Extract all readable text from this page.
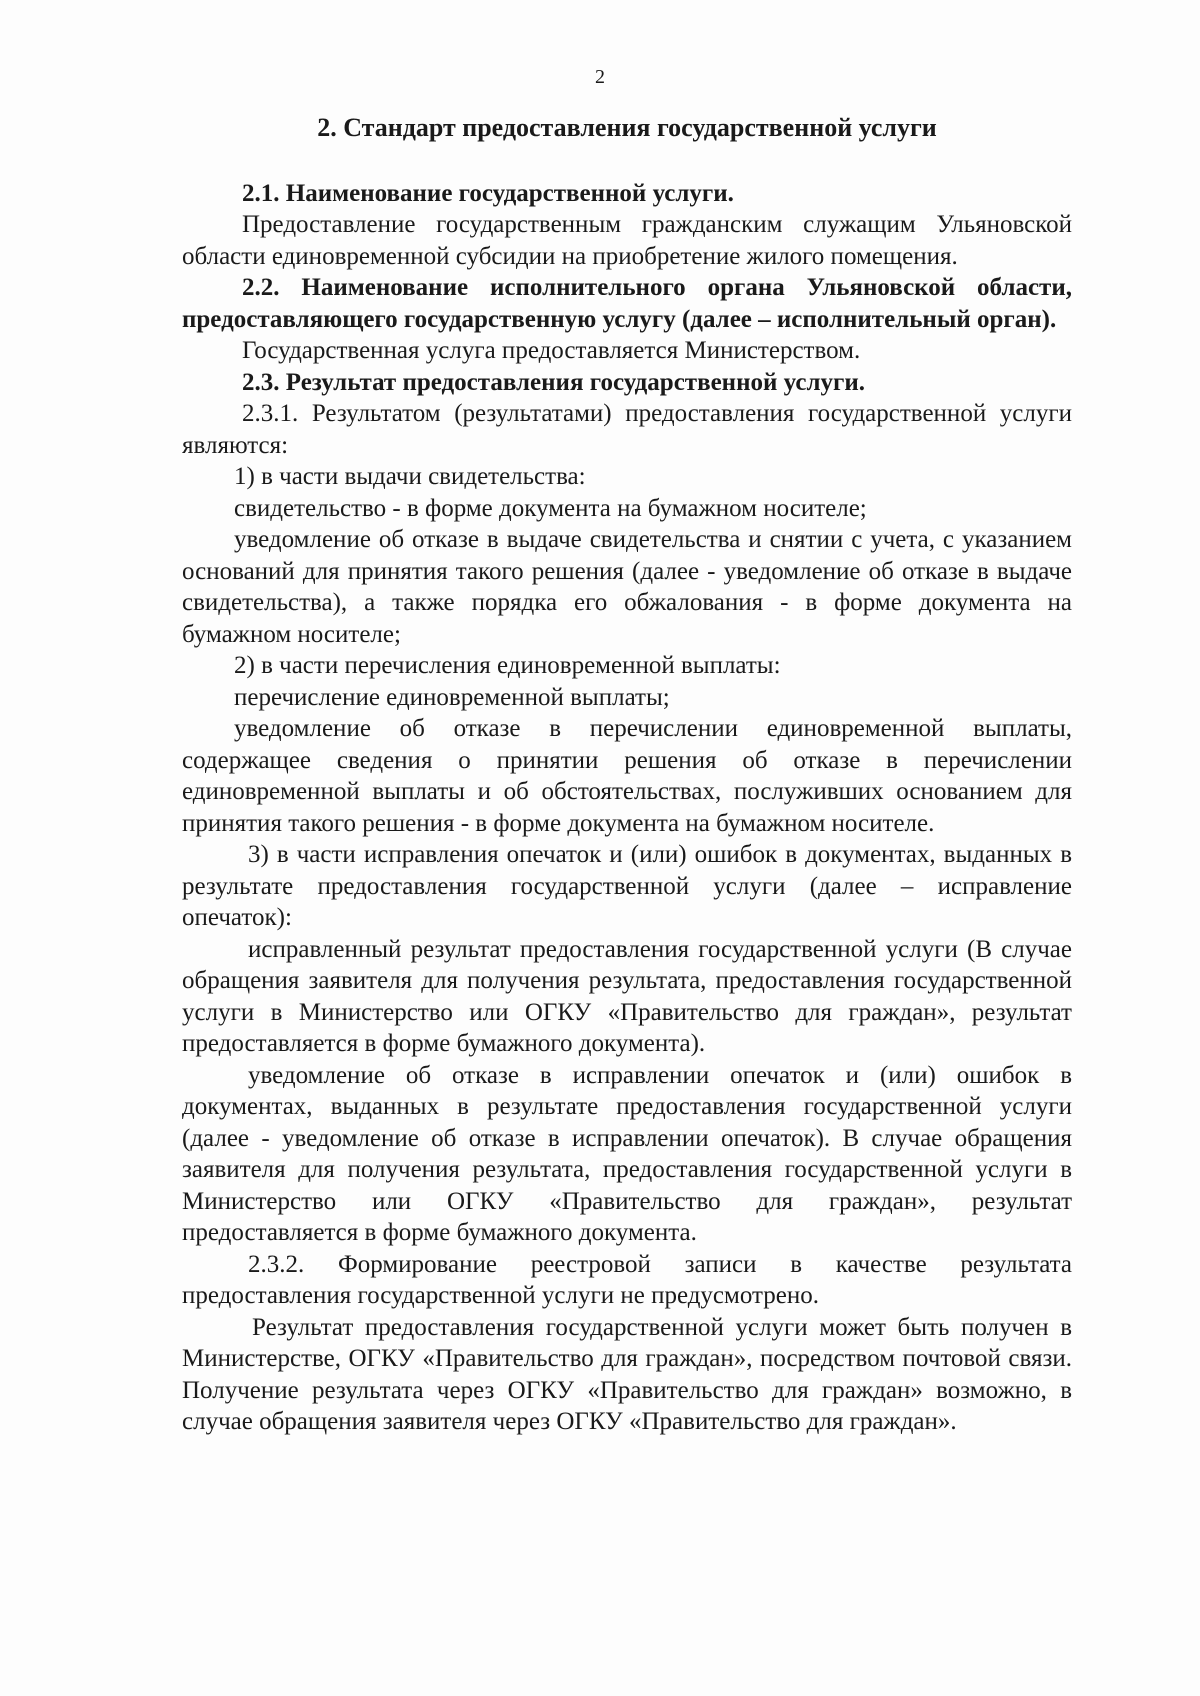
2
2. Стандарт предоставления государственной услуги

2.1. Наименование государственной услуги.

Предоставление государственным гражданским служащим Ульяновской области единовременной субсидии на приобретение жилого помещения.

2.2. Наименование исполнительного органа Ульяновской области, предоставляющего государственную услугу (далее – исполнительный орган).

Государственная услуга предоставляется Министерством.

2.3. Результат предоставления государственной услуги.

2.3.1. Результатом (результатами) предоставления государственной услуги являются:

1) в части выдачи свидетельства:

свидетельство - в форме документа на бумажном носителе;

уведомление об отказе в выдаче свидетельства и снятии с учета, с указанием оснований для принятия такого решения (далее - уведомление об отказе в выдаче свидетельства), а также порядка его обжалования - в форме документа на бумажном носителе;

2) в части перечисления единовременной выплаты:

перечисление единовременной выплаты;

уведомление об отказе в перечислении единовременной выплаты, содержащее сведения о принятии решения об отказе в перечислении единовременной выплаты и об обстоятельствах, послуживших основанием для принятия такого решения - в форме документа на бумажном носителе.

3) в части исправления опечаток и (или) ошибок в документах, выданных в результате предоставления государственной услуги (далее – исправление опечаток):

исправленный результат предоставления государственной услуги (В случае обращения заявителя для получения результата, предоставления государственной услуги в Министерство или ОГКУ «Правительство для граждан», результат предоставляется в форме бумажного документа).

уведомление об отказе в исправлении опечаток и (или) ошибок в документах, выданных в результате предоставления государственной услуги (далее - уведомление об отказе в исправлении опечаток). В случае обращения заявителя для получения результата, предоставления государственной услуги в Министерство или ОГКУ «Правительство для граждан», результат предоставляется в форме бумажного документа.

2.3.2. Формирование реестровой записи в качестве результата предоставления государственной услуги не предусмотрено.

Результат предоставления государственной услуги может быть получен в Министерстве, ОГКУ «Правительство для граждан», посредством почтовой связи. Получение результата через ОГКУ «Правительство для граждан» возможно, в случае обращения заявителя через ОГКУ «Правительство для граждан».
